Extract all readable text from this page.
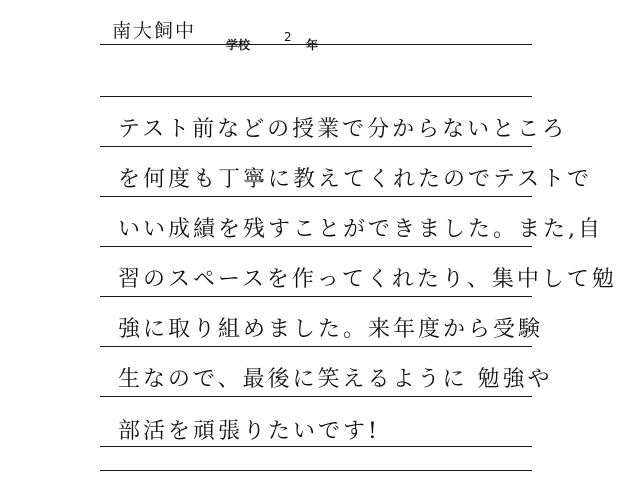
南大飼中
学校
2
年
テスト前などの授業で分からないところ
を何度も丁寧に教えてくれたのでテストで
いい成績を残すことができました。また,自
習のスペースを作ってくれたり、集中して勉
強に取り組めました。来年度から受験
生なので、最後に笑えるように 勉強や
部活を頑張りたいです!
